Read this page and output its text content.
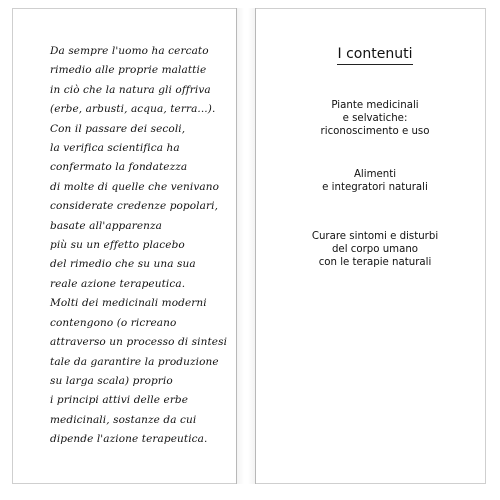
Da sempre l'uomo ha cercato
rimedio alle proprie malattie
in ciò che la natura gli offriva
(erbe, arbusti, acqua, terra...).
Con il passare dei secoli,
la verifica scientifica ha
confermato la fondatezza
di molte di quelle che venivano
considerate credenze popolari,
basate all'apparenza
più su un effetto placebo
del rimedio che su una sua
reale azione terapeutica.
Molti dei medicinali moderni
contengono (o ricreano
attraverso un processo di sintesi
tale da garantire la produzione
su larga scala) proprio
i principi attivi delle erbe
medicinali, sostanze da cui
dipende l'azione terapeutica.
I contenuti
Piante medicinali
e selvatiche:
riconoscimento e uso
Alimenti
e integratori naturali
Curare sintomi e disturbi
del corpo umano
con le terapie naturali
